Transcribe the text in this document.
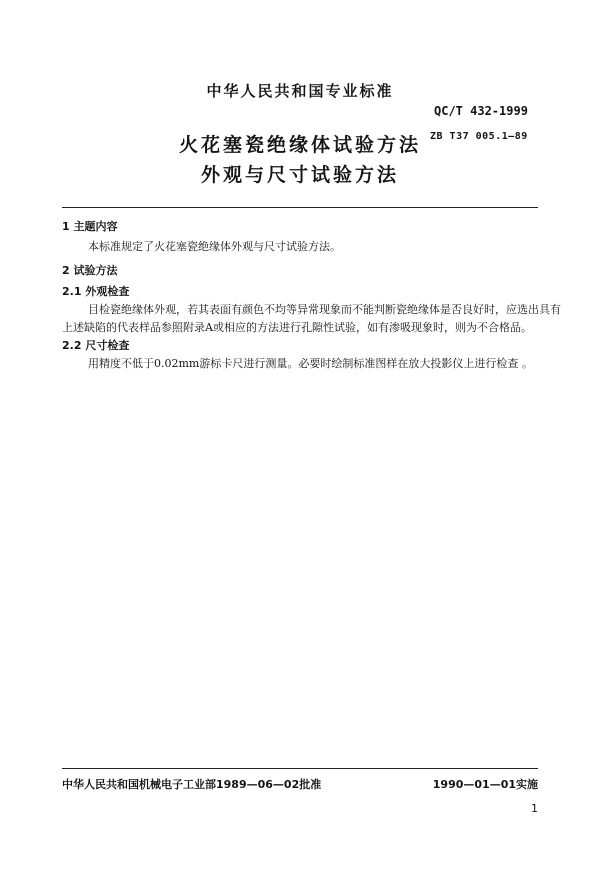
中华人民共和国专业标准
QC/T 432-1999
ZB T37 005.1—89
火花塞瓷绝缘体试验方法
外观与尺寸试验方法
1 主题内容
本标准规定了火花塞瓷绝缘体外观与尺寸试验方法。
2 试验方法
2.1 外观检查
目检瓷绝缘体外观，若其表面有颜色不均等异常现象而不能判断瓷绝缘体是否良好时，应选出具有
上述缺陷的代表样品参照附录A或相应的方法进行孔隙性试验，如有渗吸现象时，则为不合格品。
2.2 尺寸检查
用精度不低于0.02mm游标卡尺进行测量。必要时绘制标准图样在放大投影仪上进行检查 。
中华人民共和国机械电子工业部1989—06—02批准	1990—01—01实施
1
